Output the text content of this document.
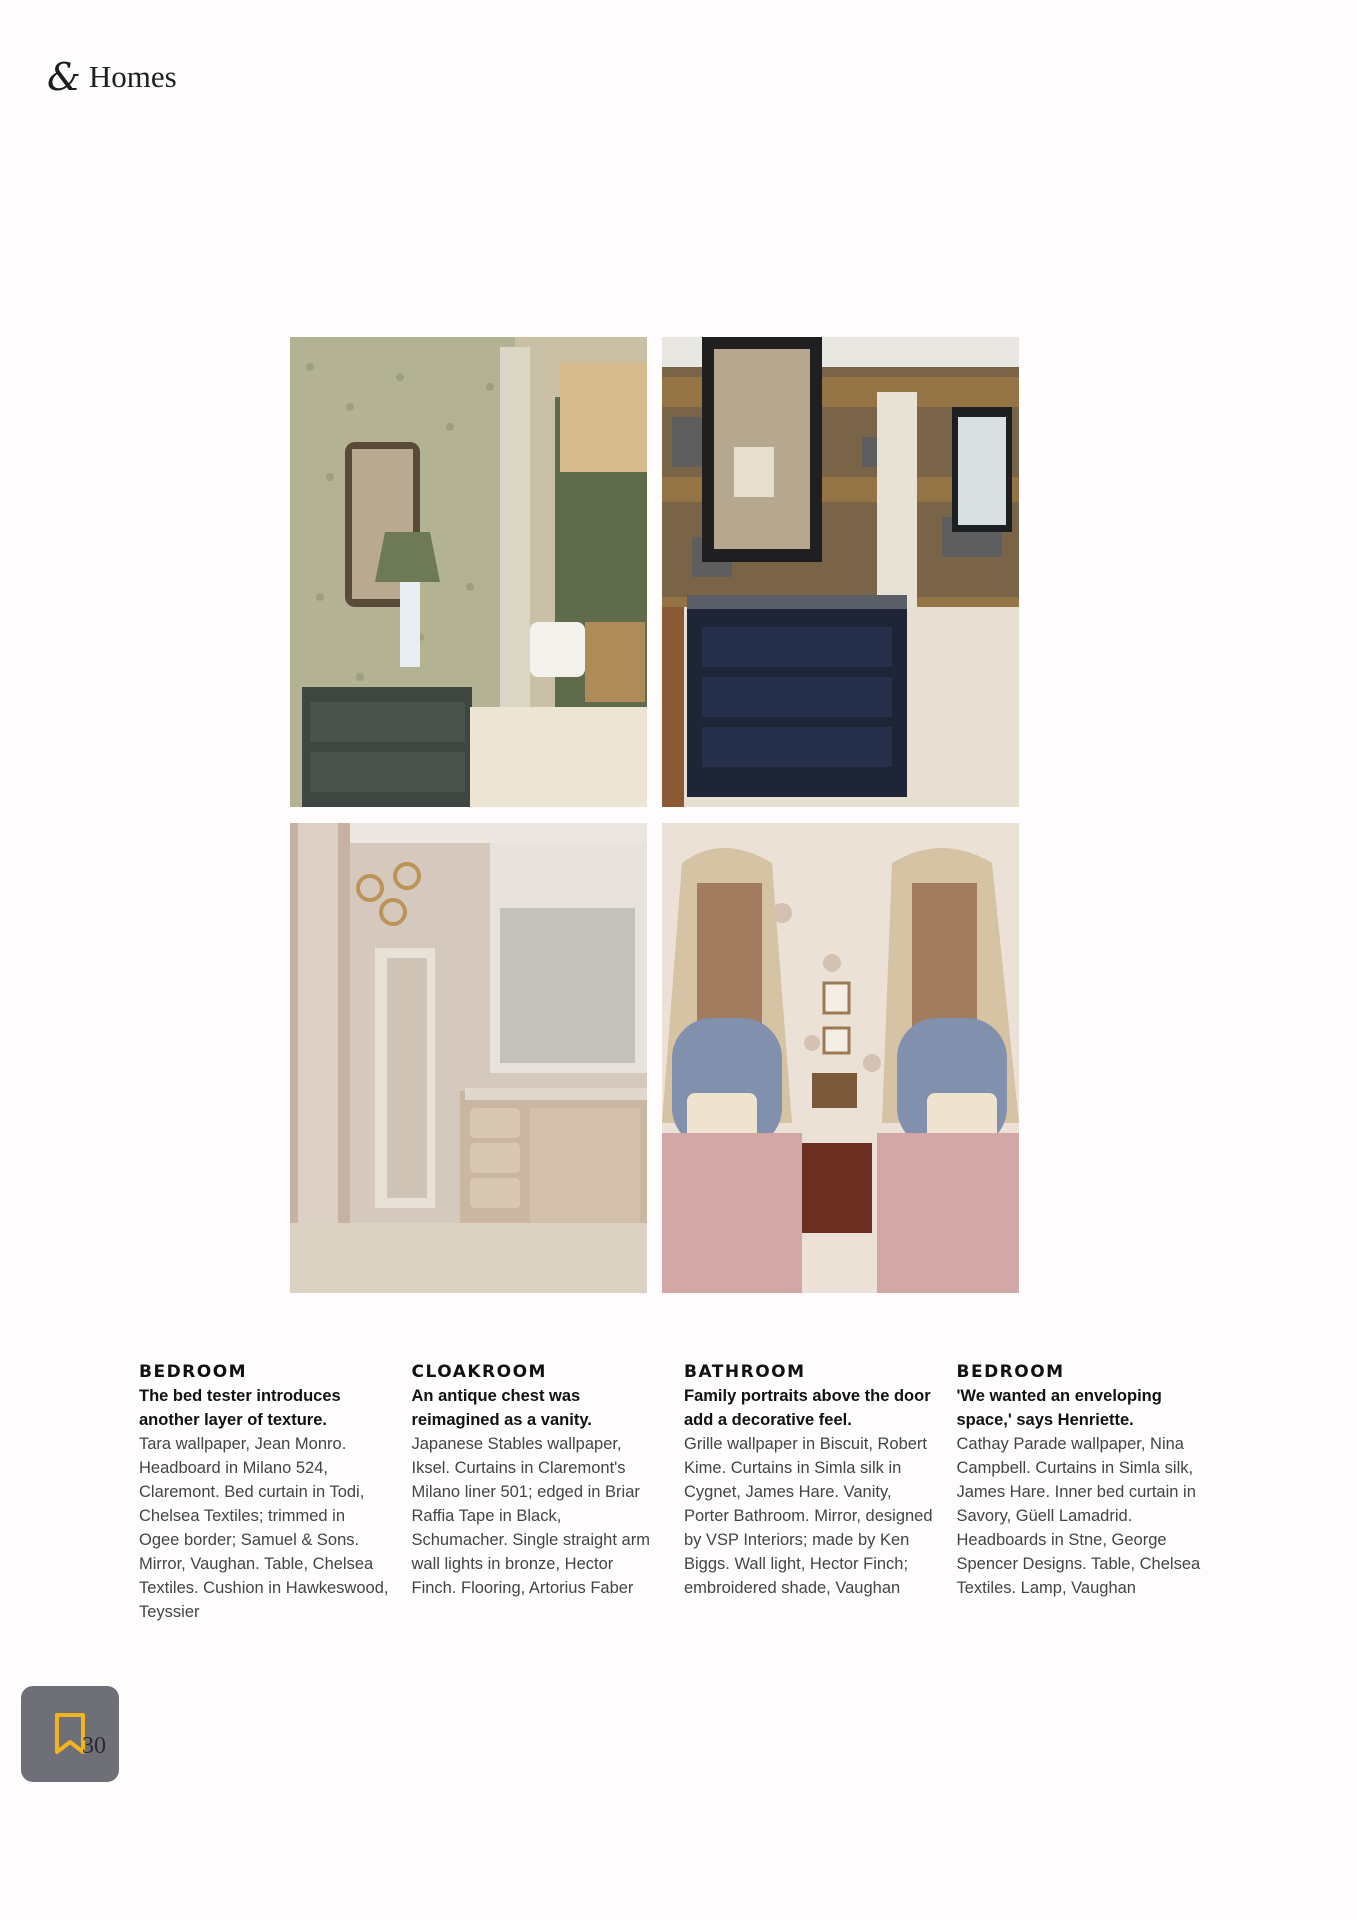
& Homes
BEDROOM
The bed tester introduces another layer of texture.
Tara wallpaper, Jean Monro. Headboard in Milano 524, Claremont. Bed curtain in Todi, Chelsea Textiles; trimmed in Ogee border; Samuel & Sons. Mirror, Vaughan. Table, Chelsea Textiles. Cushion in Hawkeswood, Teyssier
CLOAKROOM
An antique chest was reimagined as a vanity.
Japanese Stables wallpaper, Iksel. Curtains in Claremont's Milano liner 501; edged in Briar Raffia Tape in Black, Schumacher. Single straight arm wall lights in bronze, Hector Finch. Flooring, Artorius Faber
BATHROOM
Family portraits above the door add a decorative feel.
Grille wallpaper in Biscuit, Robert Kime. Curtains in Simla silk in Cygnet, James Hare. Vanity, Porter Bathroom. Mirror, designed by VSP Interiors; made by Ken Biggs. Wall light, Hector Finch; embroidered shade, Vaughan
BEDROOM
'We wanted an enveloping space,' says Henriette.
Cathay Parade wallpaper, Nina Campbell. Curtains in Simla silk, James Hare. Inner bed curtain in Savory, Güell Lamadrid. Headboards in Stne, George Spencer Designs. Table, Chelsea Textiles. Lamp, Vaughan
30
